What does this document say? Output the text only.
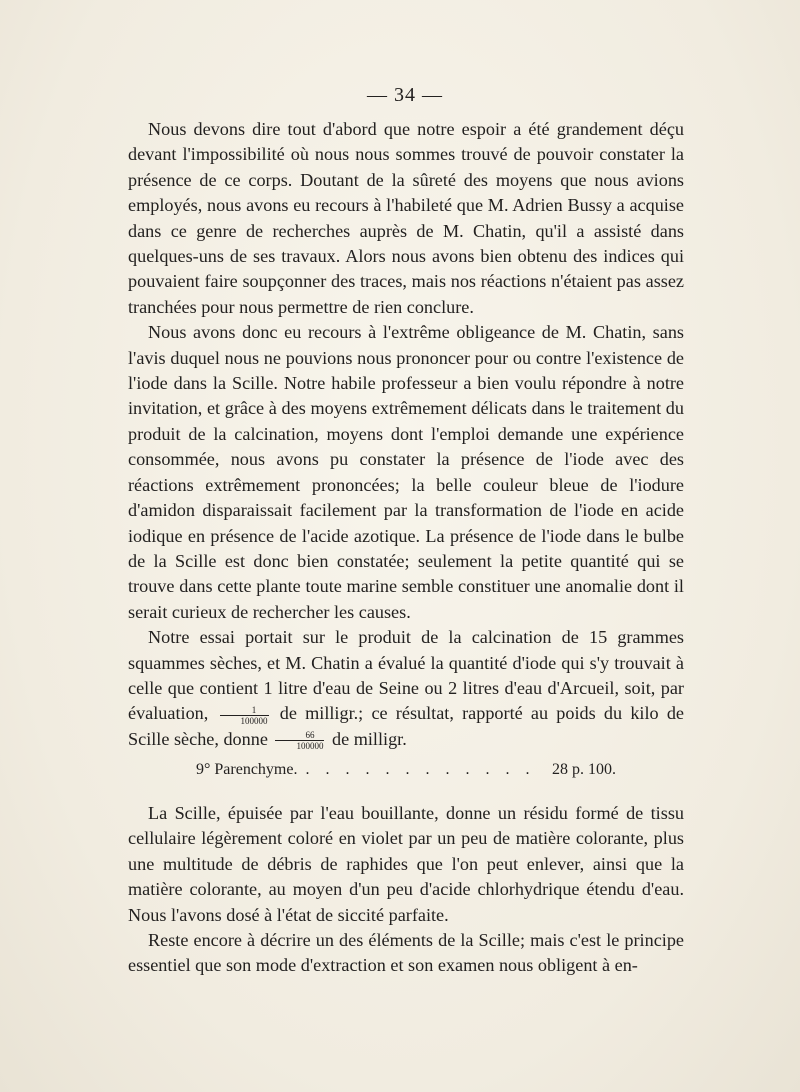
— 34 —

Nous devons dire tout d'abord que notre espoir a été grandement déçu devant l'impossibilité où nous nous sommes trouvé de pouvoir constater la présence de ce corps. Doutant de la sûreté des moyens que nous avions employés, nous avons eu recours à l'habileté que M. Adrien Bussy a acquise dans ce genre de recherches auprès de M. Chatin, qu'il a assisté dans quelques-uns de ses travaux. Alors nous avons bien obtenu des indices qui pouvaient faire soupçonner des traces, mais nos réactions n'étaient pas assez tranchées pour nous permettre de rien conclure.

Nous avons donc eu recours à l'extrême obligeance de M. Chatin, sans l'avis duquel nous ne pouvions nous prononcer pour ou contre l'existence de l'iode dans la Scille. Notre habile professeur a bien voulu répondre à notre invitation, et grâce à des moyens extrêmement délicats dans le traitement du produit de la calcination, moyens dont l'emploi demande une expérience consommée, nous avons pu constater la présence de l'iode avec des réactions extrêmement prononcées; la belle couleur bleue de l'iodure d'amidon disparaissait facilement par la transformation de l'iode en acide iodique en présence de l'acide azotique. La présence de l'iode dans le bulbe de la Scille est donc bien constatée; seulement la petite quantité qui se trouve dans cette plante toute marine semble constituer une anomalie dont il serait curieux de rechercher les causes.

Notre essai portait sur le produit de la calcination de 15 grammes squammes sèches, et M. Chatin a évalué la quantité d'iode qui s'y trouvait à celle que contient 1 litre d'eau de Seine ou 2 litres d'eau d'Arcueil, soit, par évaluation, $\frac{1}{100000}$ de milligr.; ce résultat, rapporté au poids du kilo de Scille sèche, donne $\frac{66}{100000}$ de milligr.

9° Parenchyme. . . . . . . . . . . . .	28 p. 100.

La Scille, épuisée par l'eau bouillante, donne un résidu formé de tissu cellulaire légèrement coloré en violet par un peu de matière colorante, plus une multitude de débris de raphides que l'on peut enlever, ainsi que la matière colorante, au moyen d'un peu d'acide chlorhydrique étendu d'eau. Nous l'avons dosé à l'état de siccité parfaite.

Reste encore à décrire un des éléments de la Scille; mais c'est le principe essentiel que son mode d'extraction et son examen nous obligent à en-
